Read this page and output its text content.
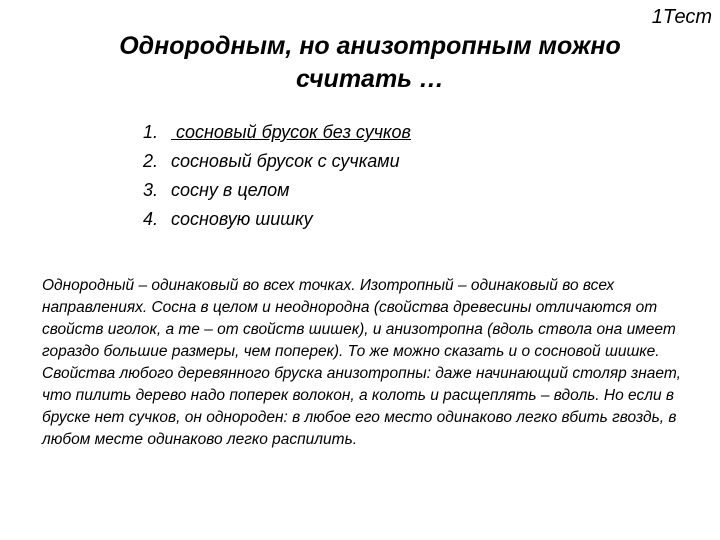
1Тест
Однородным, но анизотропным можно считать …
1. сосновый брусок без сучков
2. сосновый брусок с сучками
3. сосну в целом
4. сосновую шишку

Однородный – одинаковый во всех точках. Изотропный – одинаковый во всех направлениях. Сосна в целом и неоднородна (свойства древесины отличаются от свойств иголок, а те – от свойств шишек), и анизотропна (вдоль ствола она имеет гораздо большие размеры, чем поперек). То же можно сказать и о сосновой шишке. Свойства любого деревянного бруска анизотропны: даже начинающий столяр знает, что пилить дерево надо поперек волокон, а колоть и расщеплять – вдоль. Но если в бруске нет сучков, он однороден: в любое его место одинаково легко вбить гвоздь, в любом месте одинаково легко распилить.
